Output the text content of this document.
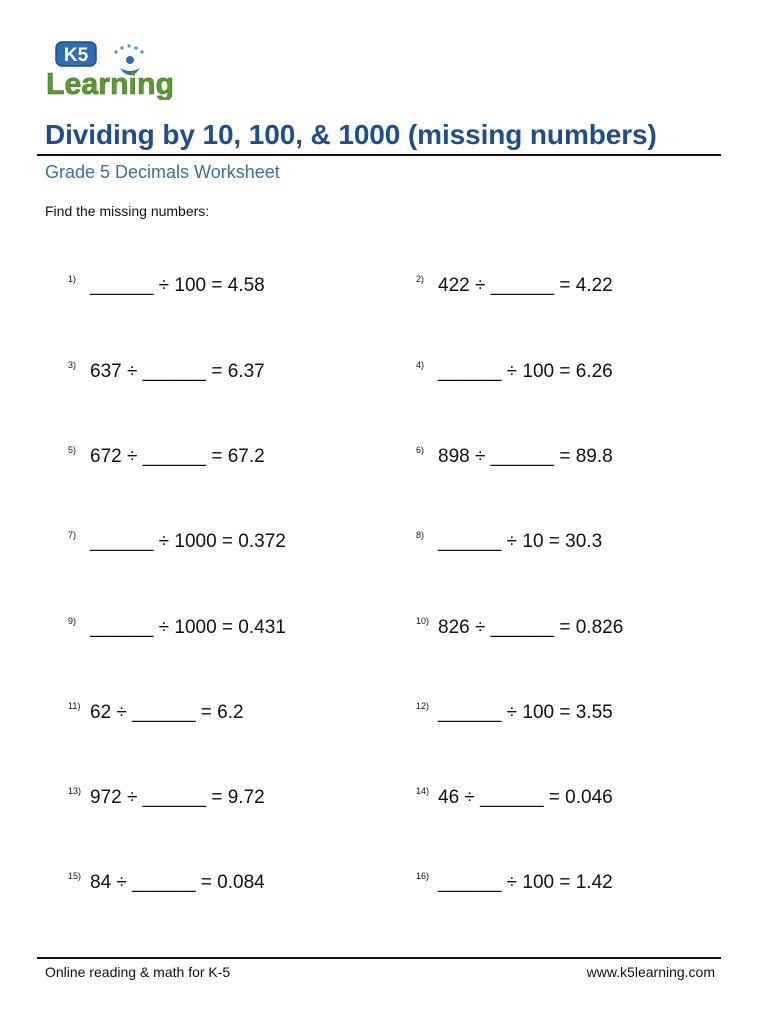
K5
Learning
Dividing by 10, 100, & 1000 (missing numbers)
Grade 5 Decimals Worksheet
Find the missing numbers:
1) ______ ÷ 100 = 4.58	2) 422 ÷ ______ = 4.22
3) 637 ÷ ______ = 6.37	4) ______ ÷ 100 = 6.26
5) 672 ÷ ______ = 67.2	6) 898 ÷ ______ = 89.8
7) ______ ÷ 1000 = 0.372	8) ______ ÷ 10 = 30.3
9) ______ ÷ 1000 = 0.431	10) 826 ÷ ______ = 0.826
11) 62 ÷ ______ = 6.2	12) ______ ÷ 100 = 3.55
13) 972 ÷ ______ = 9.72	14) 46 ÷ ______ = 0.046
15) 84 ÷ ______ = 0.084	16) ______ ÷ 100 = 1.42
Online reading & math for K-5	www.k5learning.com
